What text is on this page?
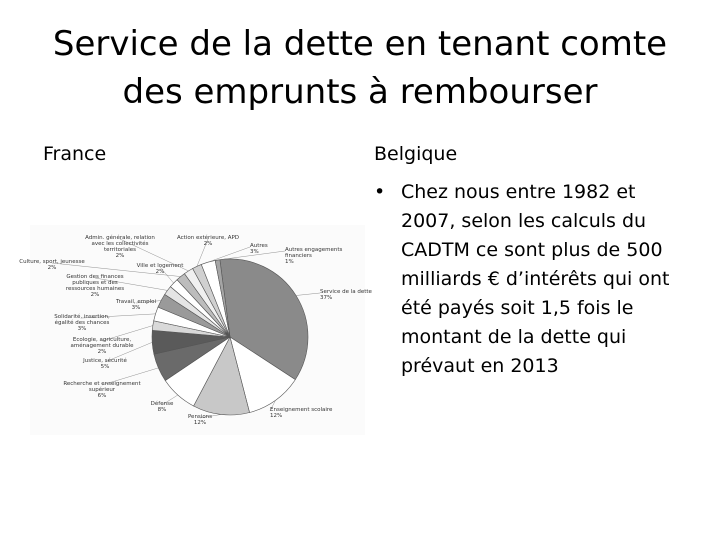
Service de la dette en tenant comte
des emprunts à rembourser
France	Belgique
• Chez nous entre 1982 et 2007, selon les calculs du CADTM ce sont plus de 500 milliards € d’intérêts qui ont été payés soit 1,5 fois le montant de la dette qui prévaut en 2013
Service de la dette 37%
Enseignement scolaire 12%
Pensions 12%
Défense 8%
Recherche et enseignement supérieur 6%
Justice, sécurité 5%
Ecologie, agriculture, aménagement durable 2%
Solidarité, insertion, égalité des chances 3%
Travail, emploi 3%
Gestion des finances publiques et des ressources humaines 2%
Ville et logement 2%
Culture, sport, jeunesse 2%
Admin. générale, relation avec les collectivités territoriales 2%
Action extérieure, APD 2%	Autres 3%	Autres engagements financiers 1%
